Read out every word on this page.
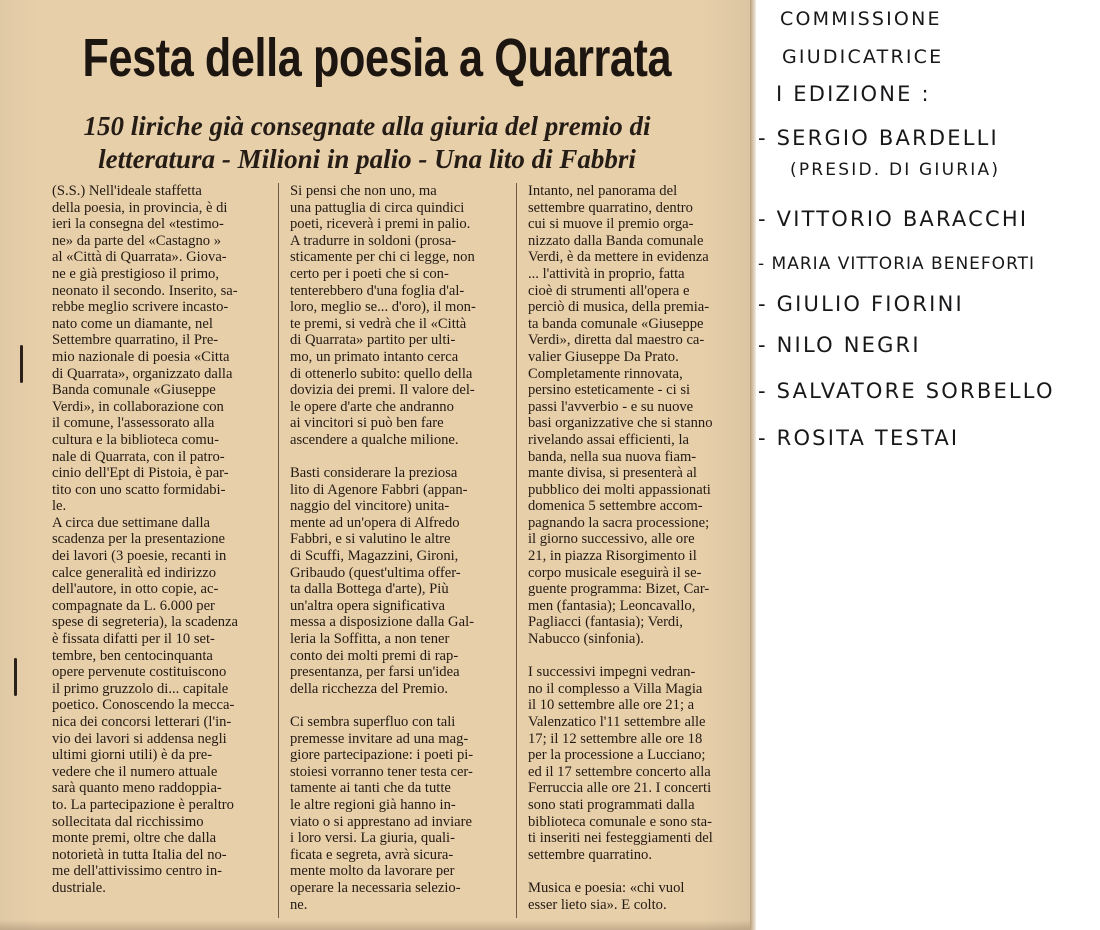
Festa della poesia a Quarrata
150 liriche già consegnate alla giuria del premio di
letteratura - Milioni in palio - Una lito di Fabbri
(S.S.) Nell'ideale staffetta
della poesia, in provincia, è di
ieri la consegna del «testimo-
ne» da parte del «Castagno »
al «Città di Quarrata». Giova-
ne e già prestigioso il primo,
neonato il secondo. Inserito, sa-
rebbe meglio scrivere incasto-
nato come un diamante, nel
Settembre quarratino, il Pre-
mio nazionale di poesia «Citta
di Quarrata», organizzato dalla
Banda comunale «Giuseppe
Verdi», in collaborazione con
il comune, l'assessorato alla
cultura e la biblioteca comu-
nale di Quarrata, con il patro-
cinio dell'Ept di Pistoia, è par-
tito con uno scatto formidabi-
le.
A circa due settimane dalla
scadenza per la presentazione
dei lavori (3 poesie, recanti in
calce generalità ed indirizzo
dell'autore, in otto copie, ac-
compagnate da L. 6.000 per
spese di segreteria), la scadenza
è fissata difatti per il 10 set-
tembre, ben centocinquanta
opere pervenute costituiscono
il primo gruzzolo di... capitale
poetico. Conoscendo la mecca-
nica dei concorsi letterari (l'in-
vio dei lavori si addensa negli
ultimi giorni utili) è da pre-
vedere che il numero attuale
sarà quanto meno raddoppia-
to. La partecipazione è peraltro
sollecitata dal ricchissimo
monte premi, oltre che dalla
notorietà in tutta Italia del no-
me dell'attivissimo centro in-
dustriale.
Si pensi che non uno, ma
una pattuglia di circa quindici
poeti, riceverà i premi in palio.
A tradurre in soldoni (prosa-
sticamente per chi ci legge, non
certo per i poeti che si con-
tenterebbero d'una foglia d'al-
loro, meglio se... d'oro), il mon-
te premi, si vedrà che il «Città
di Quarrata» partito per ulti-
mo, un primato intanto cerca
di ottenerlo subito: quello della
dovizia dei premi. Il valore del-
le opere d'arte che andranno
ai vincitori si può ben fare
ascendere a qualche milione.
Basti considerare la preziosa
lito di Agenore Fabbri (appan-
naggio del vincitore) unita-
mente ad un'opera di Alfredo
Fabbri, e si valutino le altre
di Scuffi, Magazzini, Gironi,
Gribaudo (quest'ultima offer-
ta dalla Bottega d'arte), Più
un'altra opera significativa
messa a disposizione dalla Gal-
leria la Soffitta, a non tener
conto dei molti premi di rap-
presentanza, per farsi un'idea
della ricchezza del Premio.
Ci sembra superfluo con tali
premesse invitare ad una mag-
giore partecipazione: i poeti pi-
stoiesi vorranno tener testa cer-
tamente ai tanti che da tutte
le altre regioni già hanno in-
viato o si apprestano ad inviare
i loro versi. La giuria, quali-
ficata e segreta, avrà sicura-
mente molto da lavorare per
operare la necessaria selezio-
ne.
Intanto, nel panorama del
settembre quarratino, dentro
cui si muove il premio orga-
nizzato dalla Banda comunale
Verdi, è da mettere in evidenza
... l'attività in proprio, fatta
cioè di strumenti all'opera e
perciò di musica, della premia-
ta banda comunale «Giuseppe
Verdi», diretta dal maestro ca-
valier Giuseppe Da Prato.
Completamente rinnovata,
persino esteticamente - ci si
passi l'avverbio - e su nuove
basi organizzative che si stanno
rivelando assai efficienti, la
banda, nella sua nuova fiam-
mante divisa, si presenterà al
pubblico dei molti appassionati
domenica 5 settembre accom-
pagnando la sacra processione;
il giorno successivo, alle ore
21, in piazza Risorgimento il
corpo musicale eseguirà il se-
guente programma: Bizet, Car-
men (fantasia); Leoncavallo,
Pagliacci (fantasia); Verdi,
Nabucco (sinfonia).
I successivi impegni vedran-
no il complesso a Villa Magia
il 10 settembre alle ore 21; a
Valenzatico l'11 settembre alle
17; il 12 settembre alle ore 18
per la processione a Lucciano;
ed il 17 settembre concerto alla
Ferruccia alle ore 21. I concerti
sono stati programmati dalla
biblioteca comunale e sono sta-
ti inseriti nei festeggiamenti del
settembre quarratino.
Musica e poesia: «chi vuol
esser lieto sia». E colto.
COMMISSIONE
GIUDICATRICE
I EDIZIONE :
- SERGIO BARDELLI
(PRESID. DI GIURIA)
- VITTORIO BARACCHI
- MARIA VITTORIA BENEFORTI
- GIULIO FIORINI
- NILO NEGRI
- SALVATORE SORBELLO
- ROSITA TESTAI
